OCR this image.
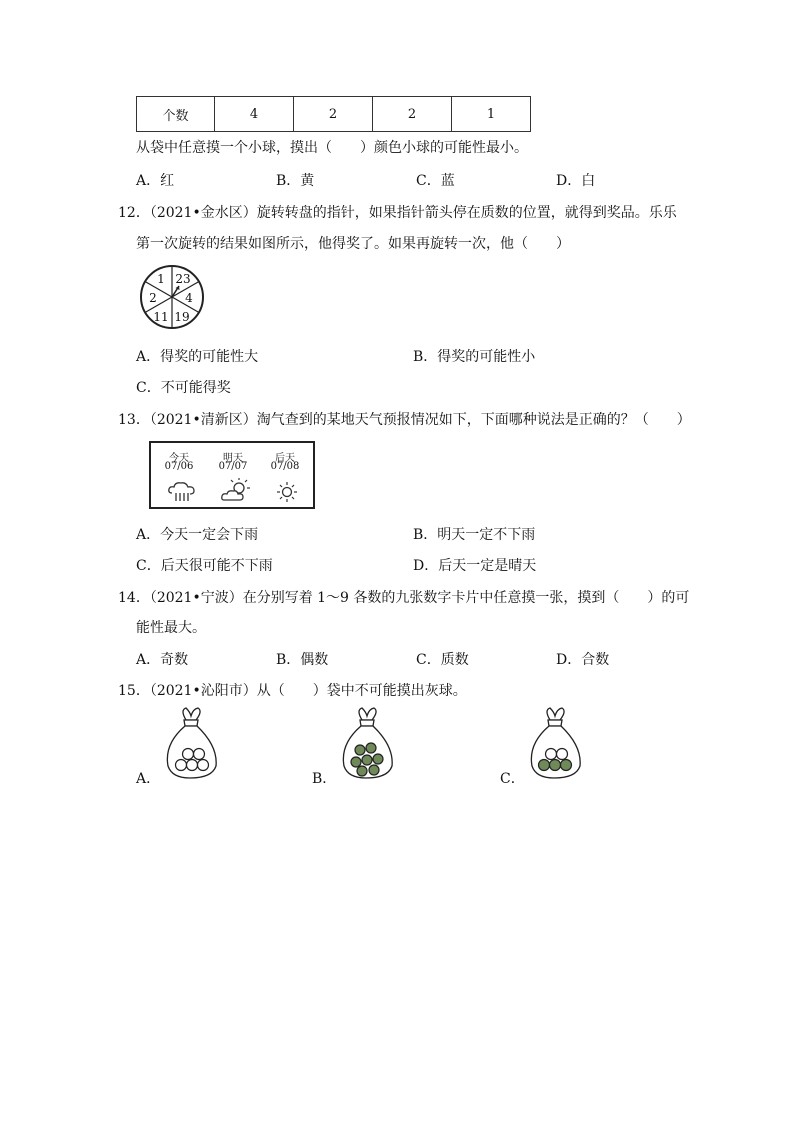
个数	4	2	2	1
从袋中任意摸一个小球，摸出（　　）颜色小球的可能性最小。
A．红	B．黄	C．蓝	D．白
12．（2021•金水区）旋转转盘的指针，如果指针箭头停在质数的位置，就得到奖品。乐乐
第一次旋转的结果如图所示，他得奖了。如果再旋转一次，他（　　）
1 23
4
19
11
2
A．得奖的可能性大	B．得奖的可能性小
C．不可能得奖
13．（2021•清新区）淘气查到的某地天气预报情况如下，下面哪种说法是正确的？（　　）
今天
07/06
明天
07/07
后天
07/08
A．今天一定会下雨	B．明天一定不下雨
C．后天很可能不下雨	D．后天一定是晴天
14．（2021•宁波）在分别写着 1～9 各数的九张数字卡片中任意摸一张，摸到（　　）的可
能性最大。
A．奇数	B．偶数	C．质数	D．合数
15．（2021•沁阳市）从（　　）袋中不可能摸出灰球。
A．	B．	C．
